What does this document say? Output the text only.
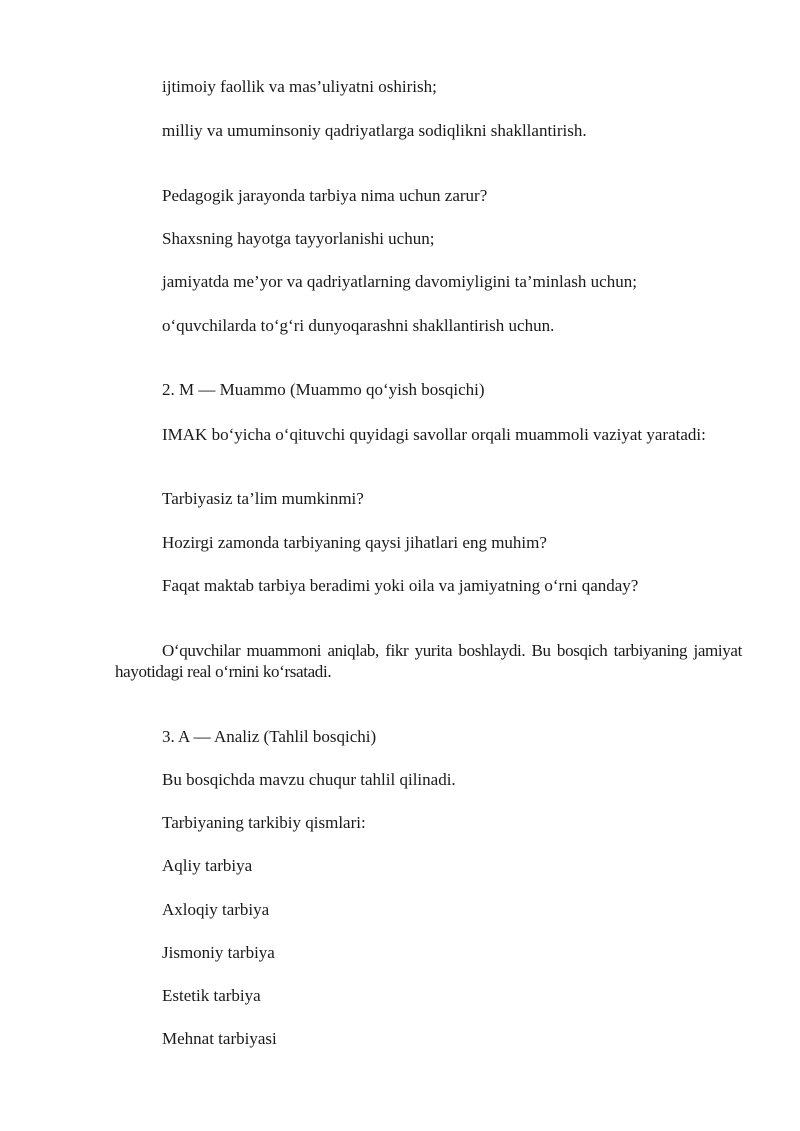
ijtimoiy faollik va mas’uliyatni oshirish;
milliy va umuminsoniy qadriyatlarga sodiqlikni shakllantirish.
Pedagogik jarayonda tarbiya nima uchun zarur?
Shaxsning hayotga tayyorlanishi uchun;
jamiyatda me’yor va qadriyatlarning davomiyligini ta’minlash uchun;
o‘quvchilarda to‘g‘ri dunyoqarashni shakllantirish uchun.
2. M — Muammo (Muammo qo‘yish bosqichi)
IMAK bo‘yicha o‘qituvchi quyidagi savollar orqali muammoli vaziyat yaratadi:
Tarbiyasiz ta’lim mumkinmi?
Hozirgi zamonda tarbiyaning qaysi jihatlari eng muhim?
Faqat maktab tarbiya beradimi yoki oila va jamiyatning o‘rni qanday?
O‘quvchilar muammoni aniqlab, fikr yurita boshlaydi. Bu bosqich tarbiyaning jamiyat hayotidagi real o‘rnini ko‘rsatadi.
3. A — Analiz (Tahlil bosqichi)
Bu bosqichda mavzu chuqur tahlil qilinadi.
Tarbiyaning tarkibiy qismlari:
Aqliy tarbiya
Axloqiy tarbiya
Jismoniy tarbiya
Estetik tarbiya
Mehnat tarbiyasi
